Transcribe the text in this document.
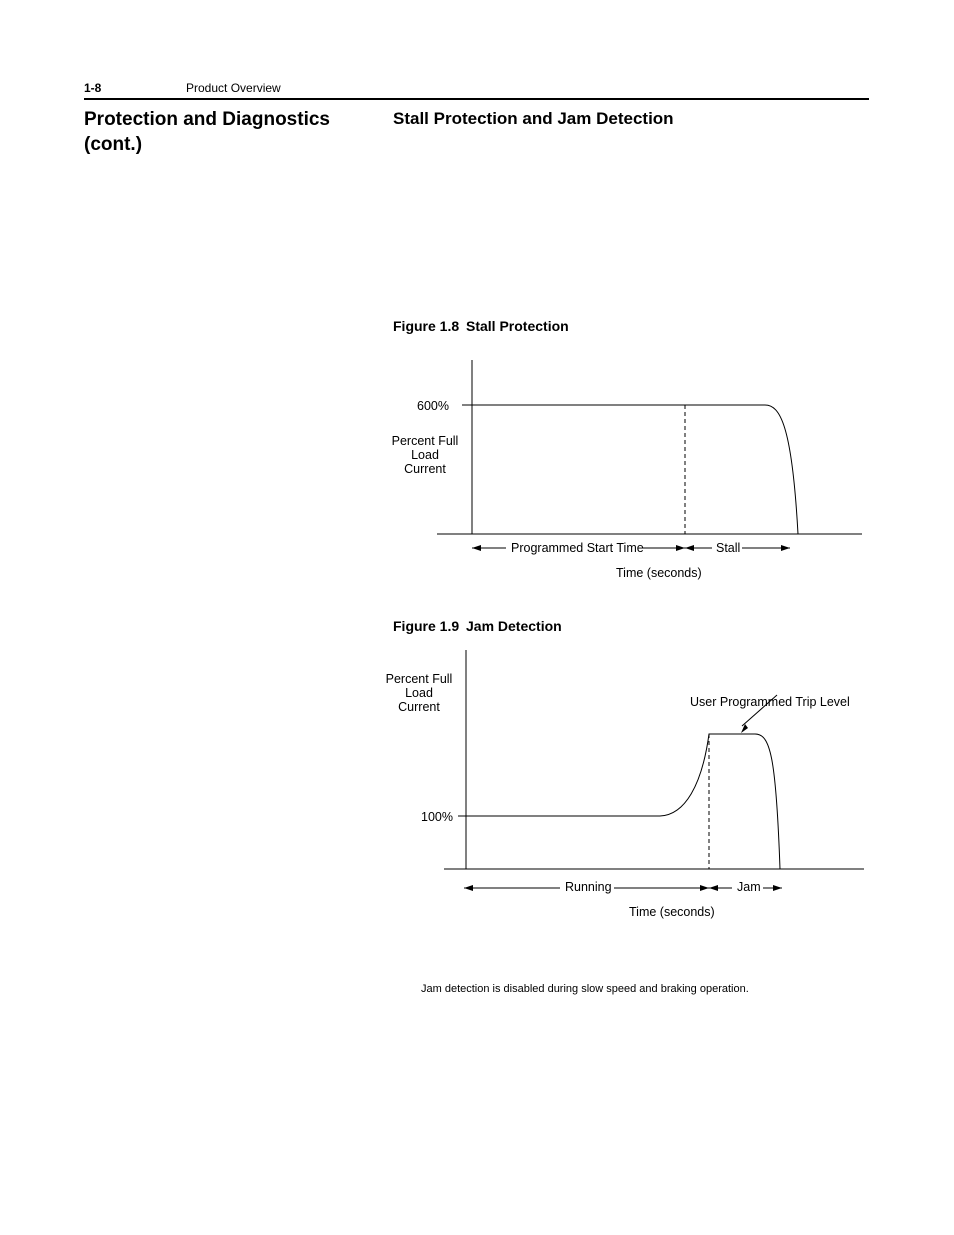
1-8	Product Overview
Protection and Diagnostics (cont.)
Stall Protection and Jam Detection
Figure 1.8 Stall Protection
600%
Percent Full Load Current
Programmed Start Time	Stall
Time (seconds)
Figure 1.9 Jam Detection
Percent Full Load Current
100%
User Programmed Trip Level
Running	Jam
Time (seconds)
Jam detection is disabled during slow speed and braking operation.
